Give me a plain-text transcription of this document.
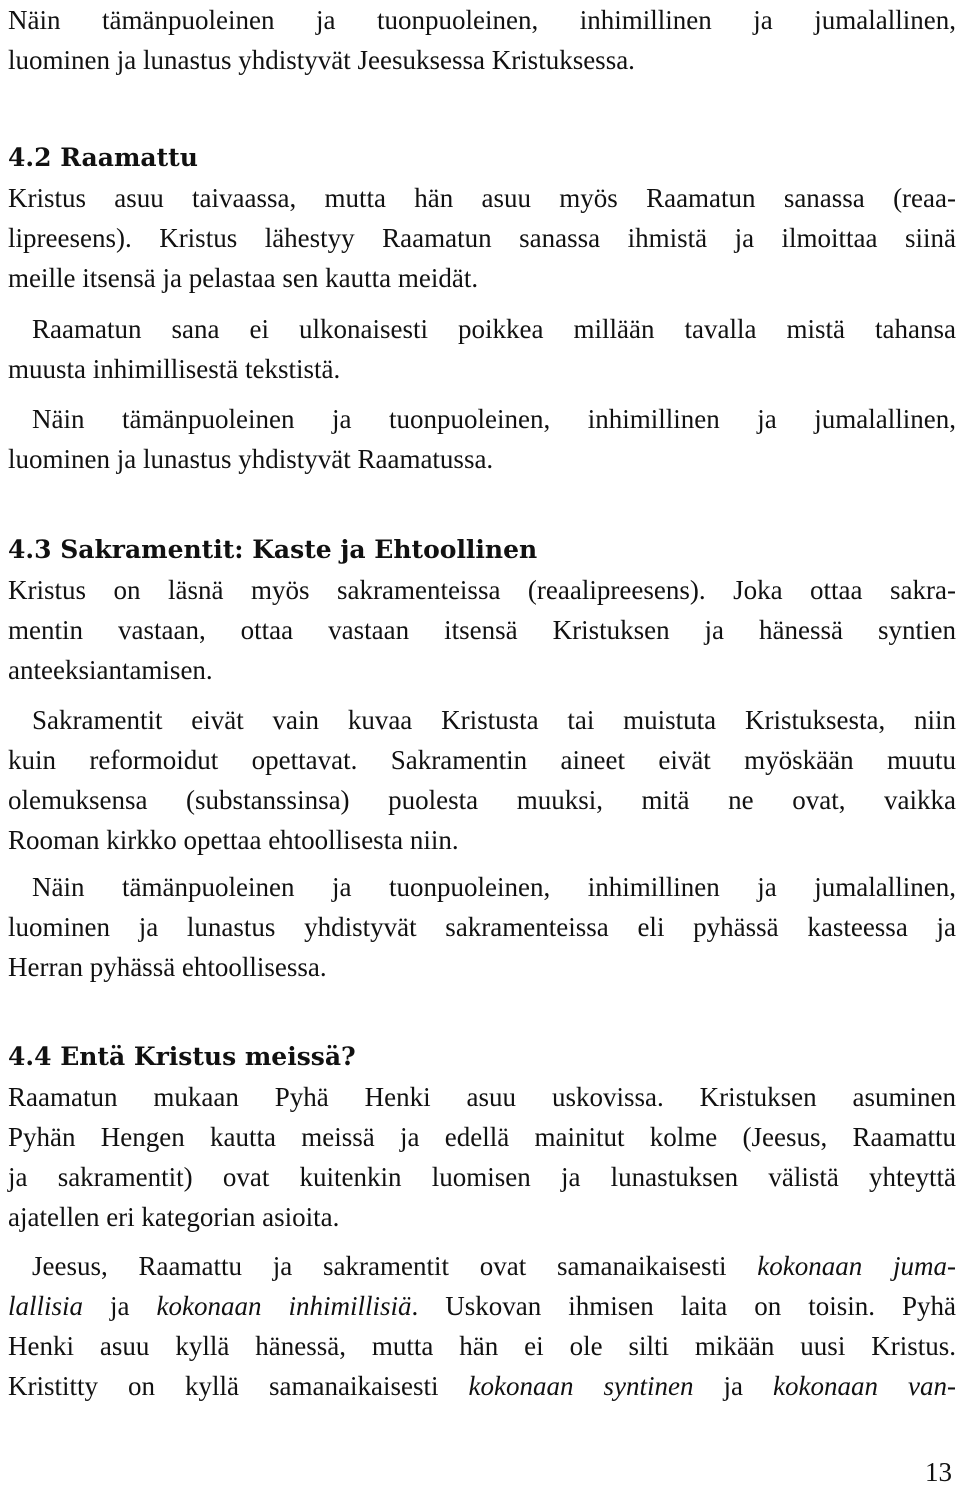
Näin tämänpuoleinen ja tuonpuoleinen, inhimillinen ja jumalallinen,
luominen ja lunastus yhdistyvät Jeesuksessa Kristuksessa.
4.2 Raamattu
Kristus asuu taivaassa, mutta hän asuu myös Raamatun sanassa (reaa-
lipreesens). Kristus lähestyy Raamatun sanassa ihmistä ja ilmoittaa siinä
meille itsensä ja pelastaa sen kautta meidät.
Raamatun sana ei ulkonaisesti poikkea millään tavalla mistä tahansa
muusta inhimillisestä tekstistä.
Näin tämänpuoleinen ja tuonpuoleinen, inhimillinen ja jumalallinen,
luominen ja lunastus yhdistyvät Raamatussa.
4.3 Sakramentit: Kaste ja Ehtoollinen
Kristus on läsnä myös sakramenteissa (reaalipreesens). Joka ottaa sakra-
mentin vastaan, ottaa vastaan itsensä Kristuksen ja hänessä syntien
anteeksiantamisen.
Sakramentit eivät vain kuvaa Kristusta tai muistuta Kristuksesta, niin
kuin reformoidut opettavat. Sakramentin aineet eivät myöskään muutu
olemuksensa (substanssinsa) puolesta muuksi, mitä ne ovat, vaikka
Rooman kirkko opettaa ehtoollisesta niin.
Näin tämänpuoleinen ja tuonpuoleinen, inhimillinen ja jumalallinen,
luominen ja lunastus yhdistyvät sakramenteissa eli pyhässä kasteessa ja
Herran pyhässä ehtoollisessa.
4.4 Entä Kristus meissä?
Raamatun mukaan Pyhä Henki asuu uskovissa. Kristuksen asuminen
Pyhän Hengen kautta meissä ja edellä mainitut kolme (Jeesus, Raamattu
ja sakramentit) ovat kuitenkin luomisen ja lunastuksen välistä yhteyttä
ajatellen eri kategorian asioita.
Jeesus, Raamattu ja sakramentit ovat samanaikaisesti kokonaan juma-
lallisia ja kokonaan inhimillisiä. Uskovan ihmisen laita on toisin. Pyhä
Henki asuu kyllä hänessä, mutta hän ei ole silti mikään uusi Kristus.
Kristitty on kyllä samanaikaisesti kokonaan syntinen ja kokonaan van-
13
